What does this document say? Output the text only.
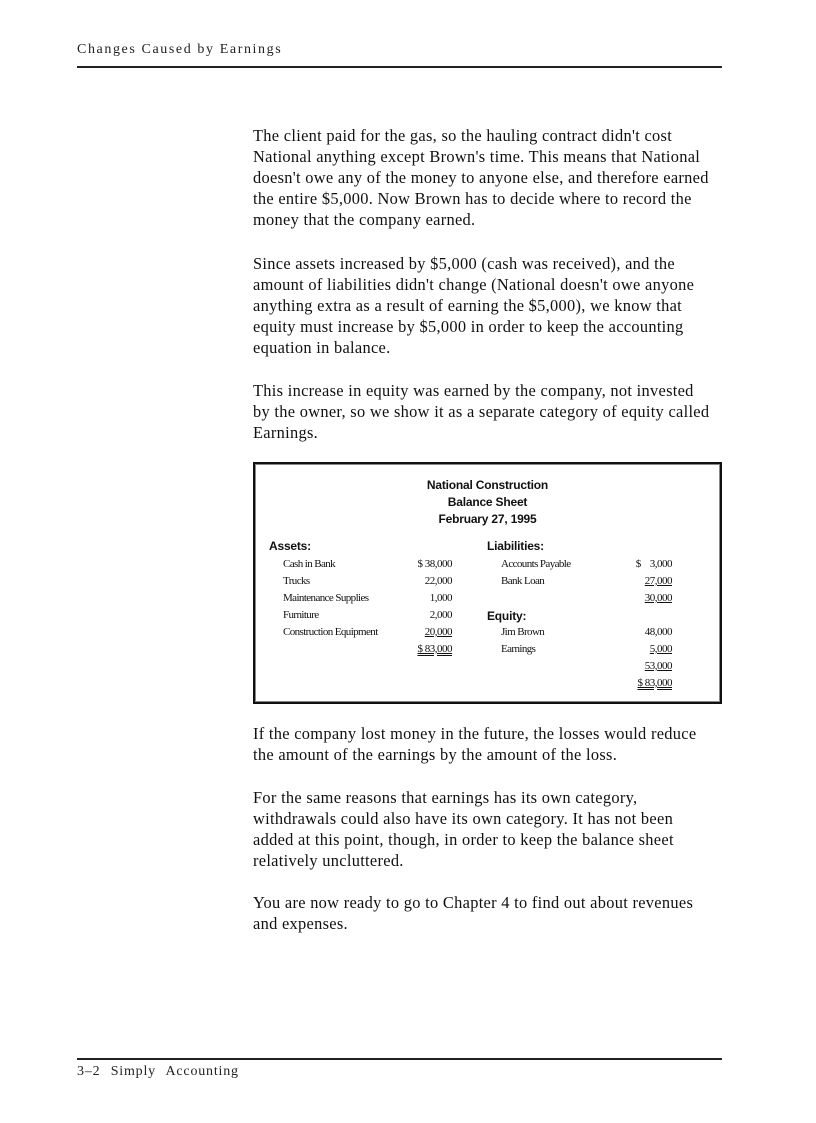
Changes Caused by Earnings

The client paid for the gas, so the hauling contract didn't cost National anything except Brown's time. This means that National doesn't owe any of the money to anyone else, and therefore earned the entire $5,000. Now Brown has to decide where to record the money that the company earned.

Since assets increased by $5,000 (cash was received), and the amount of liabilities didn't change (National doesn't owe anyone anything extra as a result of earning the $5,000), we know that equity must increase by $5,000 in order to keep the accounting equation in balance.

This increase in equity was earned by the company, not invested by the owner, so we show it as a separate category of equity called Earnings.

National Construction
Balance Sheet
February 27, 1995
Assets:
Cash in Bank	$ 38,000
Trucks	22,000
Maintenance Supplies	1,000
Furniture	2,000
Construction Equipment	20,000
$ 83,000
Liabilities:
Accounts Payable	$    3,000
Bank Loan	27,000
30,000
Equity:
Jim Brown	48,000
Earnings	5,000
53,000
$ 83,000

If the company lost money in the future, the losses would reduce the amount of the earnings by the amount of the loss.

For the same reasons that earnings has its own category, withdrawals could also have its own category. It has not been added at this point, though, in order to keep the balance sheet relatively uncluttered.

You are now ready to go to Chapter 4 to find out about revenues and expenses.

3–2 Simply Accounting
